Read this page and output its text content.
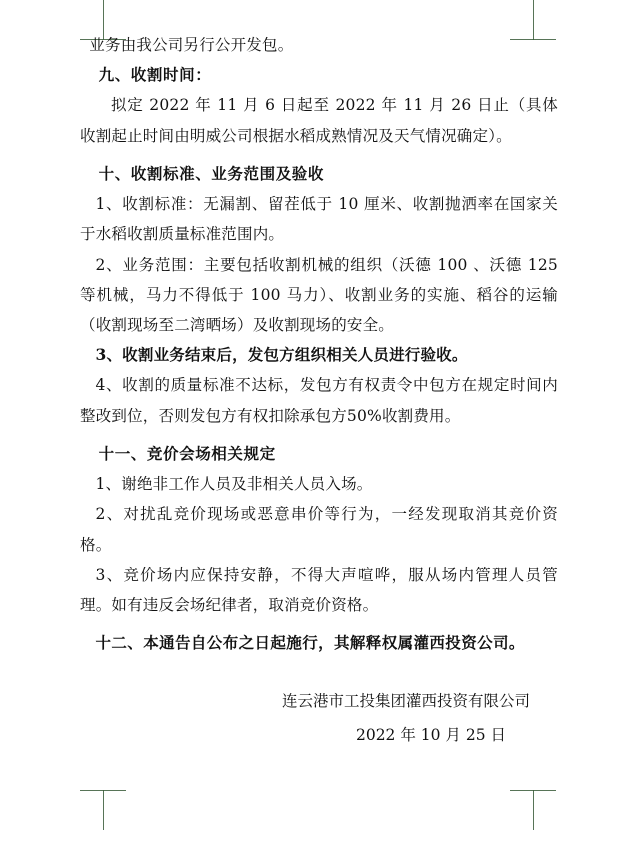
业务由我公司另行公开发包。

九、收割时间：

拟定 2022 年 11 月 6 日起至 2022 年 11 月 26 日止（具体收割起止时间由明威公司根据水稻成熟情况及天气情况确定）。

十、收割标准、业务范围及验收

1、收割标准：无漏割、留茬低于 10 厘米、收割抛洒率在国家关于水稻收割质量标准范围内。

2、业务范围：主要包括收割机械的组织（沃德 100 、沃德 125 等机械，马力不得低于 100 马力）、收割业务的实施、稻谷的运输（收割现场至二湾晒场）及收割现场的安全。

3、收割业务结束后，发包方组织相关人员进行验收。

4、收割的质量标准不达标，发包方有权责令中包方在规定时间内整改到位，否则发包方有权扣除承包方50%收割费用。

十一、竞价会场相关规定

1、谢绝非工作人员及非相关人员入场。

2、对扰乱竞价现场或恶意串价等行为，一经发现取消其竞价资格。

3、竞价场内应保持安静，不得大声喧哗，服从场内管理人员管理。如有违反会场纪律者，取消竞价资格。

十二、本通告自公布之日起施行，其解释权属灌西投资公司。

连云港市工投集团灌西投资有限公司
2022 年 10 月 25 日
